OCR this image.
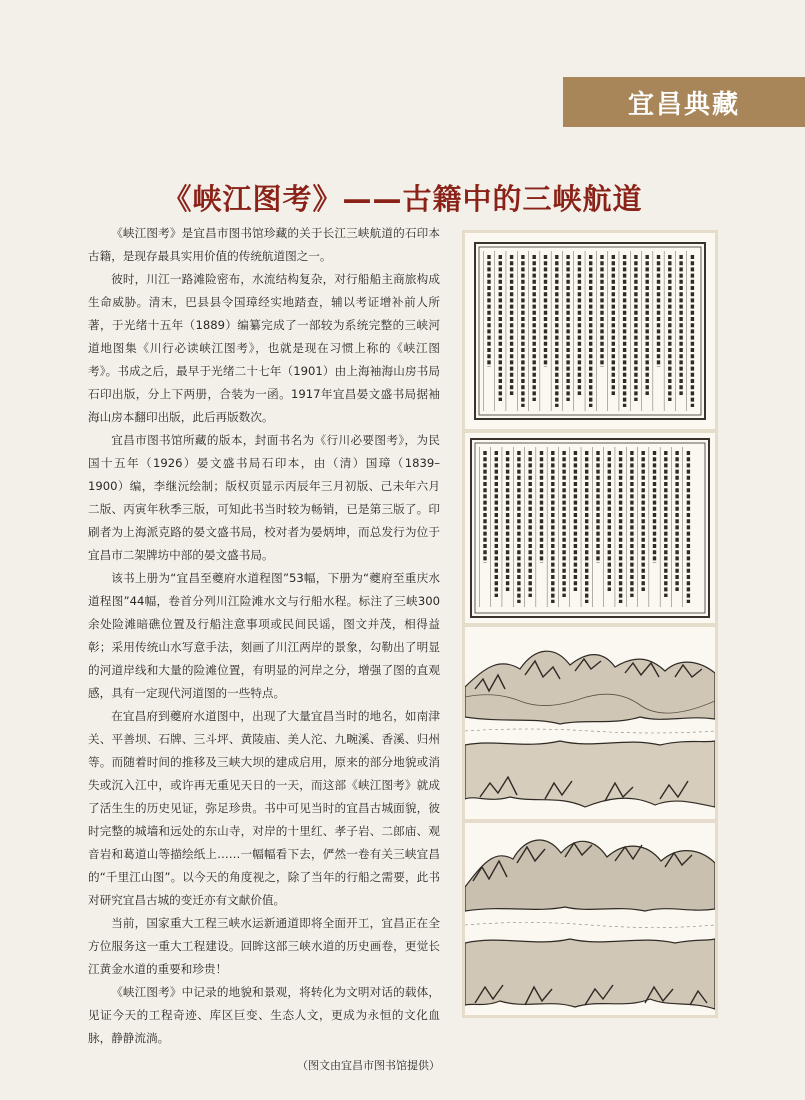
宜昌典藏
《峡江图考》——古籍中的三峡航道

《峡江图考》是宜昌市图书馆珍藏的关于长江三峡航道的石印本古籍，是现存最具实用价值的传统航道图之一。

彼时，川江一路滩险密布，水流结构复杂，对行船船主商旅构成生命威胁。清末，巴县县令国璋经实地踏查，辅以考证增补前人所著，于光绪十五年（1889）编纂完成了一部较为系统完整的三峡河道地图集《川行必读峡江图考》，也就是现在习惯上称的《峡江图考》。书成之后，最早于光绪二十七年（1901）由上海袖海山房书局石印出版，分上下两册，合装为一函。1917年宜昌晏文盛书局据袖海山房本翻印出版，此后再版数次。

宜昌市图书馆所藏的版本，封面书名为《行川必要图考》，为民国十五年（1926）晏文盛书局石印本，由（清）国璋（1839–1900）编，李继沅绘制；版权页显示丙辰年三月初版、己未年六月二版、丙寅年秋季三版，可知此书当时较为畅销，已是第三版了。印刷者为上海派克路的晏文盛书局，校对者为晏炳坤，而总发行为位于宜昌市二架牌坊中部的晏文盛书局。

该书上册为“宜昌至夔府水道程图”53幅，下册为“夔府至重庆水道程图”44幅，卷首分列川江险滩水文与行船水程。标注了三峡300余处险滩暗礁位置及行船注意事项或民间民谣，图文并茂，相得益彰；采用传统山水写意手法，刻画了川江两岸的景象，勾勒出了明显的河道岸线和大量的险滩位置，有明显的河岸之分，增强了图的直观感，具有一定现代河道图的一些特点。

在宜昌府到夔府水道图中，出现了大量宜昌当时的地名，如南津关、平善坝、石牌、三斗坪、黄陵庙、美人沱、九畹溪、香溪、归州等。而随着时间的推移及三峡大坝的建成启用，原来的部分地貌或消失或沉入江中，或许再无重见天日的一天，而这部《峡江图考》就成了活生生的历史见证，弥足珍贵。书中可见当时的宜昌古城面貌，彼时完整的城墙和远处的东山寺，对岸的十里红、孝子岩、二郎庙、观音岩和葛道山等描绘纸上……一幅幅看下去，俨然一卷有关三峡宜昌的“千里江山图”。以今天的角度视之，除了当年的行船之需要，此书对研究宜昌古城的变迁亦有文献价值。

当前，国家重大工程三峡水运新通道即将全面开工，宜昌正在全方位服务这一重大工程建设。回眸这部三峡水道的历史画卷，更觉长江黄金水道的重要和珍贵！

《峡江图考》中记录的地貌和景观，将转化为文明对话的载体，见证今天的工程奇迹、库区巨变、生态人文，更成为永恒的文化血脉，静静流淌。

（图文由宜昌市图书馆提供）
